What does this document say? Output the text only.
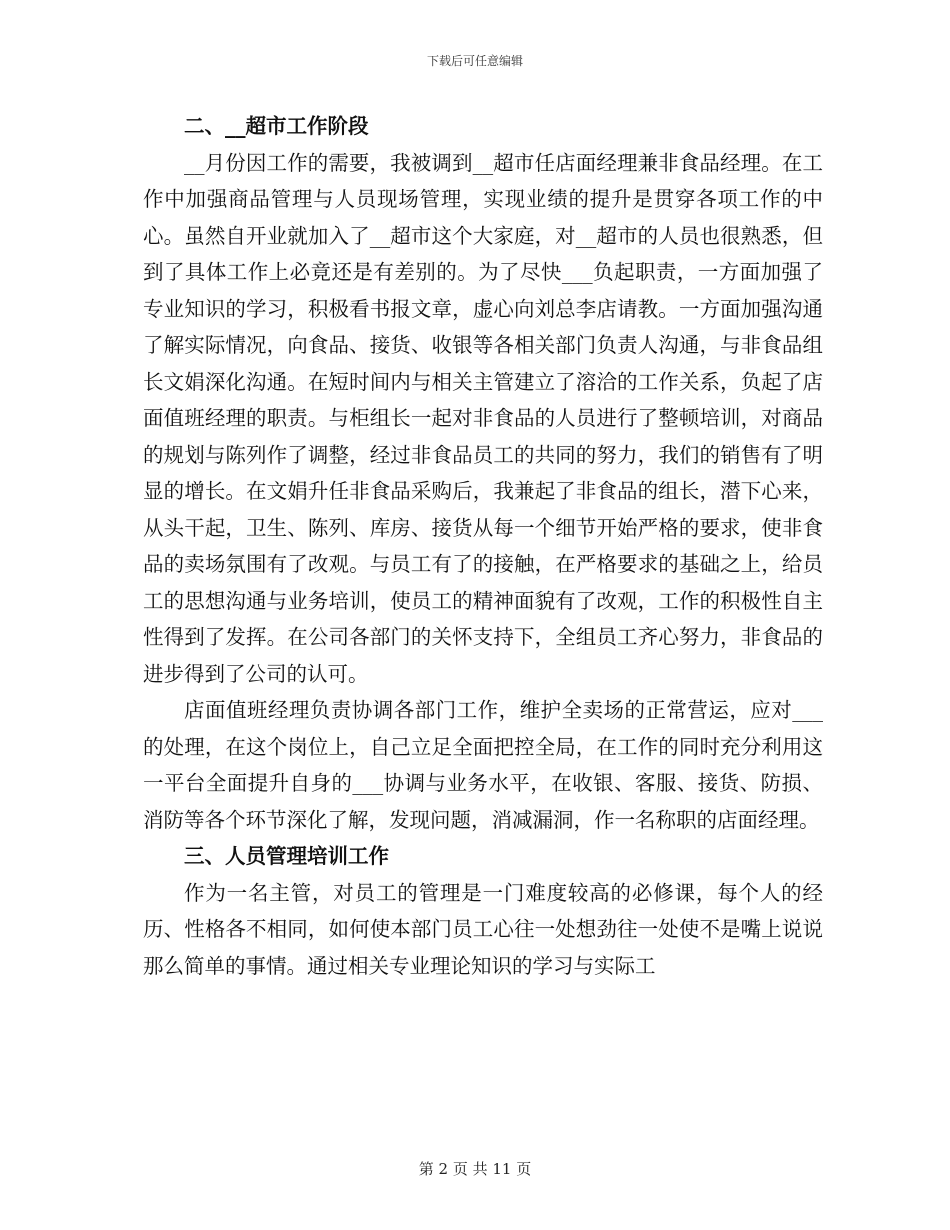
下载后可任意编辑

二、__超市工作阶段

__月份因工作的需要，我被调到__超市任店面经理兼非食品经理。在工作中加强商品管理与人员现场管理，实现业绩的提升是贯穿各项工作的中心。虽然自开业就加入了__超市这个大家庭，对__超市的人员也很熟悉，但到了具体工作上必竟还是有差别的。为了尽快___负起职责，一方面加强了专业知识的学习，积极看书报文章，虚心向刘总李店请教。一方面加强沟通了解实际情况，向食品、接货、收银等各相关部门负责人沟通，与非食品组长文娟深化沟通。在短时间内与相关主管建立了溶洽的工作关系，负起了店面值班经理的职责。与柜组长一起对非食品的人员进行了整顿培训，对商品的规划与陈列作了调整，经过非食品员工的共同的努力，我们的销售有了明显的增长。在文娟升任非食品采购后，我兼起了非食品的组长，潜下心来，从头干起，卫生、陈列、库房、接货从每一个细节开始严格的要求，使非食品的卖场氛围有了改观。与员工有了的接触，在严格要求的基础之上，给员工的思想沟通与业务培训，使员工的精神面貌有了改观，工作的积极性自主性得到了发挥。在公司各部门的关怀支持下，全组员工齐心努力，非食品的进步得到了公司的认可。

店面值班经理负责协调各部门工作，维护全卖场的正常营运，应对___的处理，在这个岗位上，自己立足全面把控全局，在工作的同时充分利用这一平台全面提升自身的___协调与业务水平，在收银、客服、接货、防损、消防等各个环节深化了解，发现问题，消减漏洞，作一名称职的店面经理。

三、人员管理培训工作

作为一名主管，对员工的管理是一门难度较高的必修课，每个人的经历、性格各不相同，如何使本部门员工心往一处想劲往一处使不是嘴上说说那么简单的事情。通过相关专业理论知识的学习与实际工

第 2 页 共 11 页
